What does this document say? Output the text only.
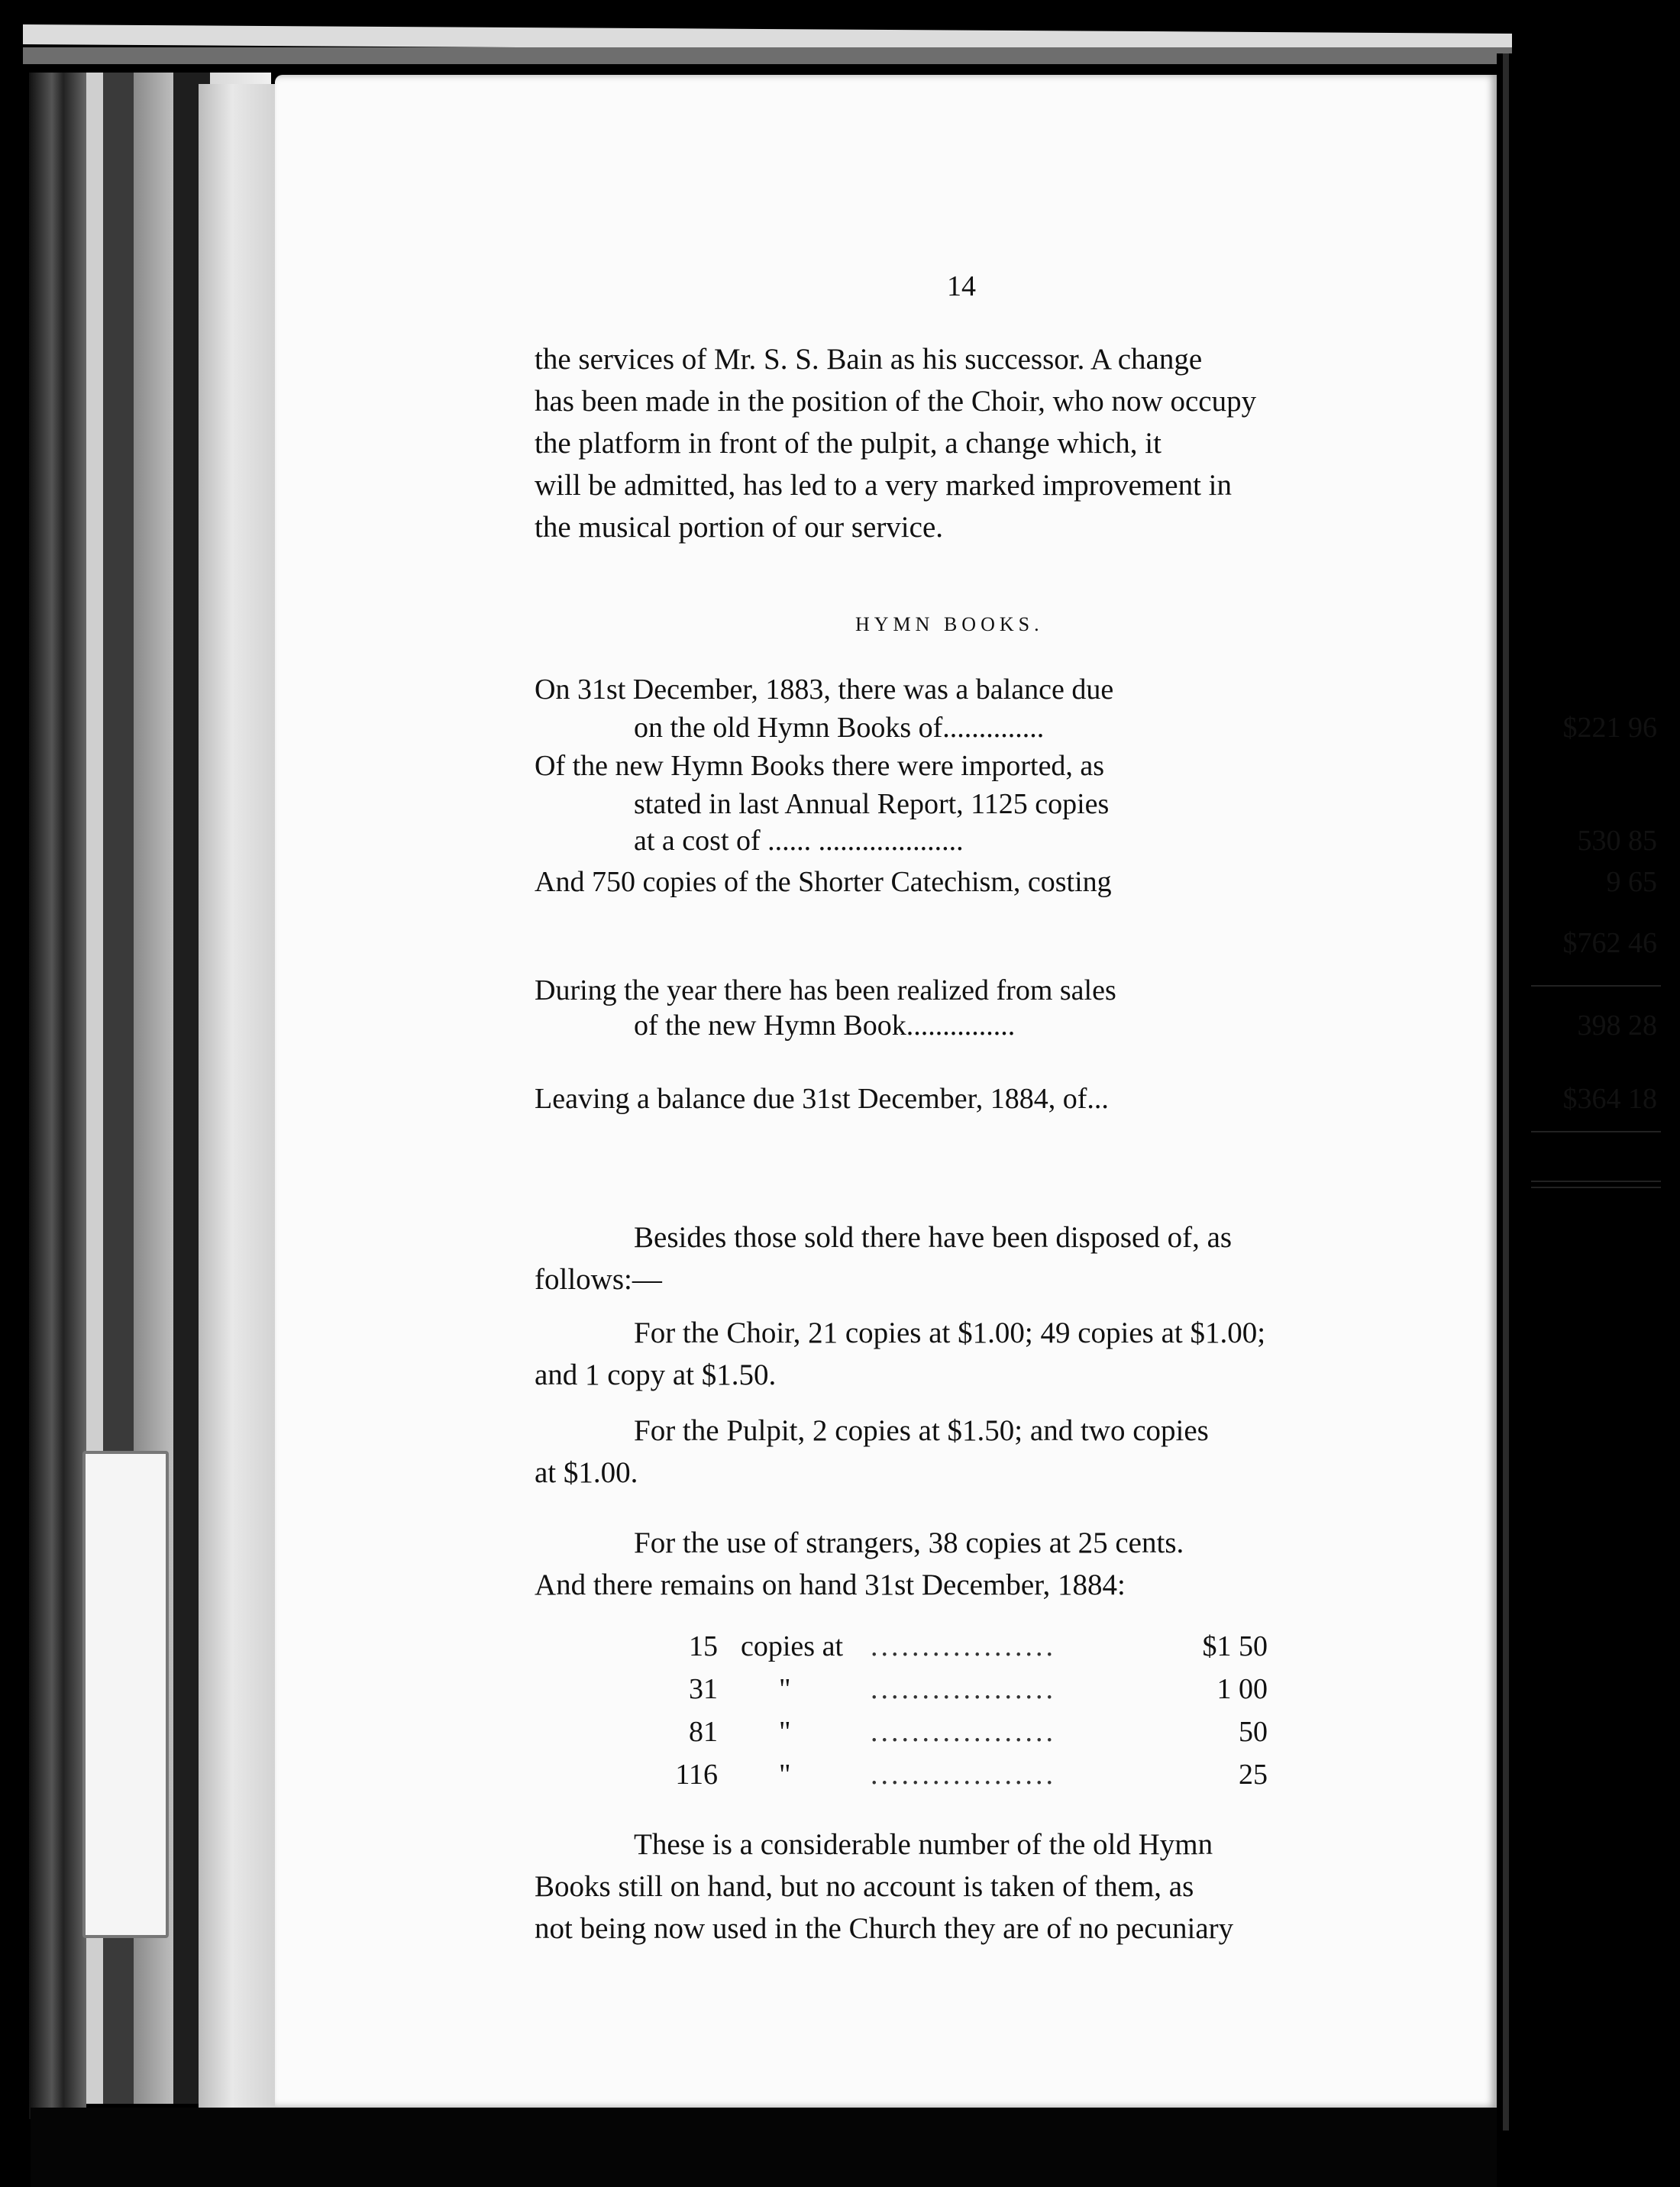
14
the services of Mr. S. S. Bain as his successor. A change
has been made in the position of the Choir, who now occupy
the platform in front of the pulpit, a change which, it
will be admitted, has led to a very marked improvement in
the musical portion of our service.
HYMN BOOKS.
On 31st December, 1883, there was a balance due
on the old Hymn Books of..............	$221 96
Of the new Hymn Books there were imported, as
stated in last Annual Report, 1125 copies
at a cost of ...... ....................	530 85
And 750 copies of the Shorter Catechism, costing	9 65
$762 46
During the year there has been realized from sales
of the new Hymn Book...............	398 28
Leaving a balance due 31st December, 1884, of...	$364 18
Besides those sold there have been disposed of, as
follows:—
For the Choir, 21 copies at $1.00; 49 copies at $1.00;
and 1 copy at $1.50.
For the Pulpit, 2 copies at $1.50; and two copies
at $1.00.
For the use of strangers, 38 copies at 25 cents.
And there remains on hand 31st December, 1884:
15 copies at ..................	$1 50
31 "	..................	1 00
81 "	..................	50
116 "	..................	25
These is a considerable number of the old Hymn
Books still on hand, but no account is taken of them, as
not being now used in the Church they are of no pecuniary
